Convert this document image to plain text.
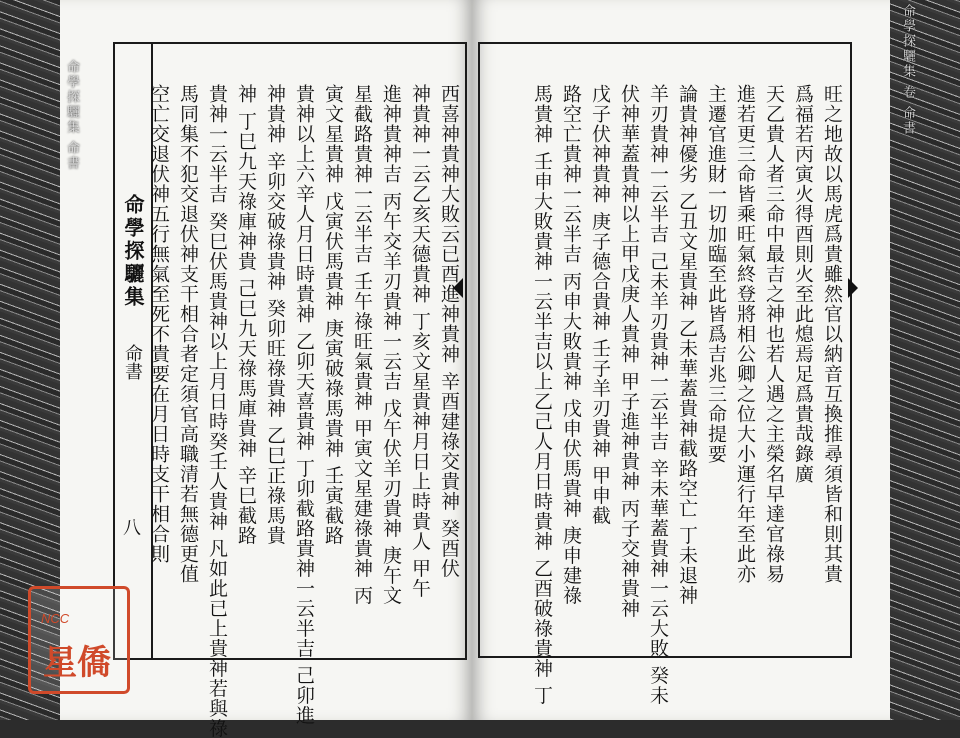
命學探驪集 命書	命學探驪集 卷 命書
命學探驪集
命書
八	西喜神貴神大敗云已酉進神貴神 辛酉建祿交貴神 癸酉伏
神貴神一云乙亥天德貴神 丁亥文星貴神月日上時貴人 甲午
進神貴神吉 丙午交羊刃貴神一云吉 戊午伏羊刃貴神 庚午文
星截路貴神一云半吉 壬午祿旺氣貴神 甲寅文星建祿貴神 丙
寅文星貴神 戊寅伏馬貴神 庚寅破祿馬貴神 壬寅截路
貴神以上六辛人月日時貴神 乙卯天喜貴神 丁卯截路貴神一云半吉 己卯進
神貴神 辛卯交破祿貴神 癸卯旺祿貴神 乙巳正祿馬貴
神 丁巳九天祿庫神貴 己巳九天祿馬庫貴神 辛巳截路
貴神一云半吉 癸巳伏馬貴神以上月日時癸壬人貴神 凡如此已上貴神若與祿
馬同集不犯交退伏神支干相合者定須官高職清若無德更值
空亡交退伏神五行無氣至死不貴要在月日時支干相合則	旺之地故以馬虎爲貴雖然官以納音互換推尋須皆和則其貴
爲福若丙寅火得酉則火至此熄焉足爲貴哉錄廣
天乙貴人者三命中最吉之神也若人遇之主榮名早達官祿易
進若更三命皆乘旺氣終登將相公卿之位大小運行年至此亦
主遷官進財一切加臨至此皆爲吉兆三命提要
論貴神優劣 乙丑文星貴神 乙未華蓋貴神截路空亡 丁未退神
羊刃貴神一云半吉 己未羊刃貴神一云半吉 辛未華蓋貴神一云大敗 癸未
伏神華蓋貴神以上甲戊庚人貴神 甲子進神貴神 丙子交神貴神
戊子伏神貴神 庚子德合貴神 壬子羊刃貴神 甲申截
路空亡貴神一云半吉 丙申大敗貴神 戊申伏馬貴神 庚申建祿
馬貴神 壬申大敗貴神一云半吉以上乙己人月日時貴神 乙酉破祿貴神 丁
NCC
星僑
